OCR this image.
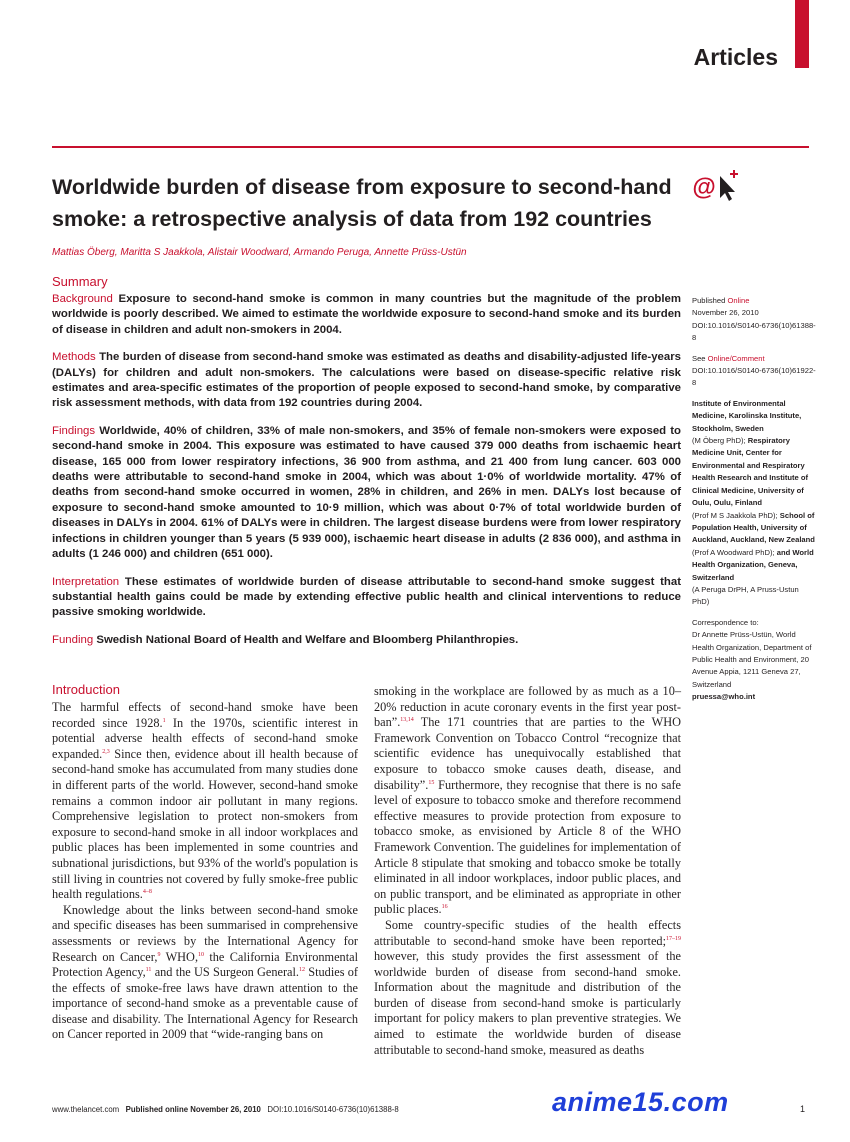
Articles
Worldwide burden of disease from exposure to second-hand smoke: a retrospective analysis of data from 192 countries
@
Mattias Öberg, Maritta S Jaakkola, Alistair Woodward, Armando Peruga, Annette Prüss-Ustün
Summary

Background Exposure to second-hand smoke is common in many countries but the magnitude of the problem worldwide is poorly described. We aimed to estimate the worldwide exposure to second-hand smoke and its burden of disease in children and adult non-smokers in 2004.

Methods The burden of disease from second-hand smoke was estimated as deaths and disability-adjusted life-years (DALYs) for children and adult non-smokers. The calculations were based on disease-specific relative risk estimates and area-specific estimates of the proportion of people exposed to second-hand smoke, by comparative risk assessment methods, with data from 192 countries during 2004.

Findings Worldwide, 40% of children, 33% of male non-smokers, and 35% of female non-smokers were exposed to second-hand smoke in 2004. This exposure was estimated to have caused 379 000 deaths from ischaemic heart disease, 165 000 from lower respiratory infections, 36 900 from asthma, and 21 400 from lung cancer. 603 000 deaths were attributable to second-hand smoke in 2004, which was about 1·0% of worldwide mortality. 47% of deaths from second-hand smoke occurred in women, 28% in children, and 26% in men. DALYs lost because of exposure to second-hand smoke amounted to 10·9 million, which was about 0·7% of total worldwide burden of diseases in DALYs in 2004. 61% of DALYs were in children. The largest disease burdens were from lower respiratory infections in children younger than 5 years (5 939 000), ischaemic heart disease in adults (2 836 000), and asthma in adults (1 246 000) and children (651 000).

Interpretation These estimates of worldwide burden of disease attributable to second-hand smoke suggest that substantial health gains could be made by extending effective public health and clinical interventions to reduce passive smoking worldwide.

Funding Swedish National Board of Health and Welfare and Bloomberg Philanthropies.

Published Online
November 26, 2010
DOI:10.1016/S0140-6736(10)61388-8

See Online/Comment
DOI:10.1016/S0140-6736(10)61922-8

Institute of Environmental Medicine, Karolinska Institute, Stockholm, Sweden
(M Öberg PhD); Respiratory Medicine Unit, Center for Environmental and Respiratory Health Research and Institute of Clinical Medicine, University of Oulu, Oulu, Finland
(Prof M S Jaakkola PhD); School of Population Health, University of Auckland, Auckland, New Zealand
(Prof A Woodward PhD); and World Health Organization, Geneva, Switzerland
(A Peruga DrPH, A Pruss-Ustun PhD)

Correspondence to:
Dr Annette Prüss-Ustün, World Health Organization, Department of Public Health and Environment, 20 Avenue Appia, 1211 Geneva 27, Switzerland
pruessa@who.int

Introduction

The harmful effects of second-hand smoke have been recorded since 1928.$^1$ In the 1970s, scientific interest in potential adverse health effects of second-hand smoke expanded.$^{2,3}$ Since then, evidence about ill health because of second-hand smoke has accumulated from many studies done in different parts of the world. However, second-hand smoke remains a common indoor air pollutant in many regions. Comprehensive legislation to protect non-smokers from exposure to second-hand smoke in all indoor workplaces and public places has been implemented in some countries and subnational jurisdictions, but 93% of the world's population is still living in countries not covered by fully smoke-free public health regulations.$^{4-8}$

Knowledge about the links between second-hand smoke and specific diseases has been summarised in comprehensive assessments or reviews by the International Agency for Research on Cancer,$^9$ WHO,$^{10}$ the California Environmental Protection Agency,$^{11}$ and the US Surgeon General.$^{12}$ Studies of the effects of smoke-free laws have drawn attention to the importance of second-hand smoke as a preventable cause of disease and disability. The International Agency for Research on Cancer reported in 2009 that “wide-ranging bans on

smoking in the workplace are followed by as much as a 10–20% reduction in acute coronary events in the first year post-ban”.$^{13,14}$ The 171 countries that are parties to the WHO Framework Convention on Tobacco Control “recognize that scientific evidence has unequivocally established that exposure to tobacco smoke causes death, disease, and disability”.$^{15}$ Furthermore, they recognise that there is no safe level of exposure to tobacco smoke and therefore recommend effective measures to provide protection from exposure to tobacco smoke, as envisioned by Article 8 of the WHO Framework Convention. The guidelines for implementation of Article 8 stipulate that smoking and tobacco smoke be totally eliminated in all indoor workplaces, indoor public places, and on public transport, and be eliminated as appropriate in other public places.$^{16}$

Some country-specific studies of the health effects attributable to second-hand smoke have been reported;$^{17-19}$ however, this study provides the first assessment of the worldwide burden of disease from second-hand smoke. Information about the magnitude and distribution of the burden of disease from second-hand smoke is particularly important for policy makers to plan preventive strategies. We aimed to estimate the worldwide burden of disease attributable to second-hand smoke, measured as deaths

www.thelancet.com Published online November 26, 2010 DOI:10.1016/S0140-6736(10)61388-8	anime15.com	1
